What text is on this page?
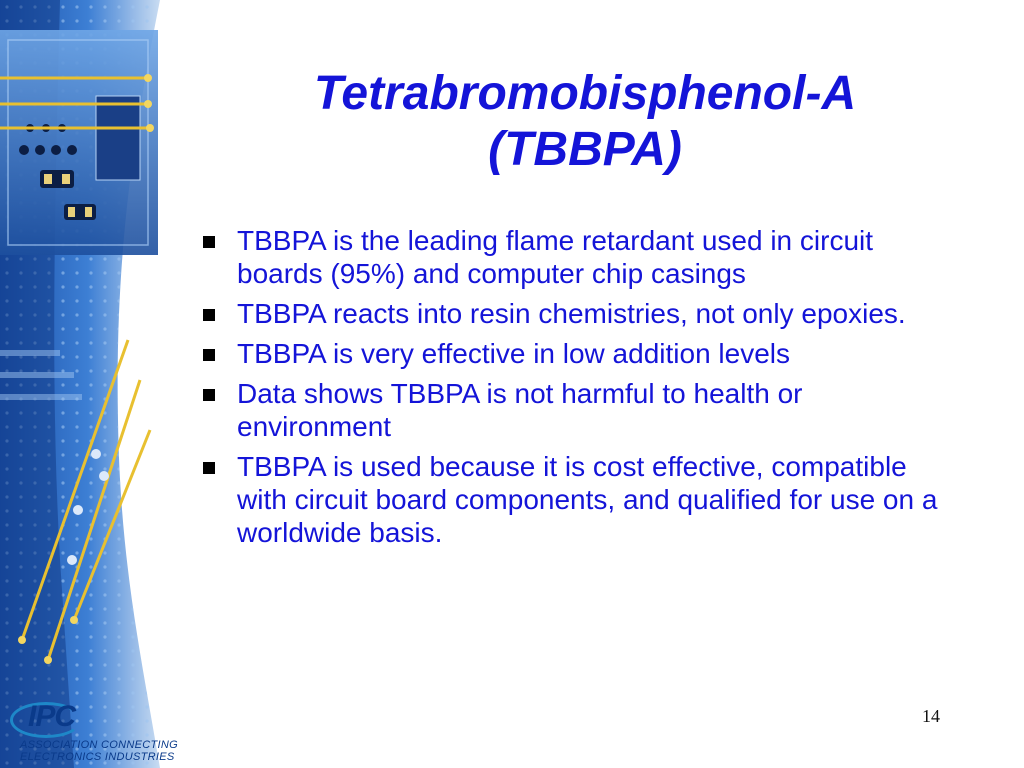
Tetrabromobisphenol-A
(TBBPA)
TBBPA is the leading flame retardant used in circuit boards (95%) and computer chip casings
TBBPA reacts into resin chemistries, not only epoxies.
TBBPA is very effective in low addition levels
Data shows TBBPA is not harmful to health or environment
TBBPA is used because it is cost effective, compatible with circuit board components, and qualified for use on a worldwide basis.
14
IPC
ASSOCIATION CONNECTING
ELECTRONICS INDUSTRIES
